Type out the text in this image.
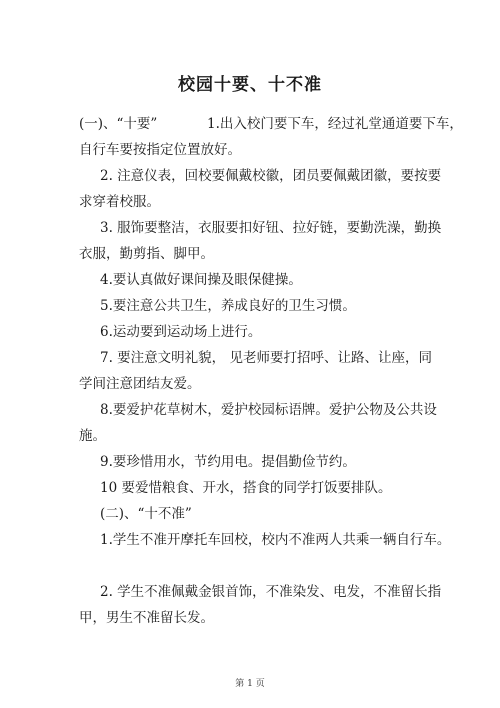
校园十要、十不准
(一)、“十要”	1.出入校门要下车，经过礼堂通道要下车，
自行车要按指定位置放好。
2. 注意仪表，回校要佩戴校徽，团员要佩戴团徽，要按要
求穿着校服。
3. 服饰要整洁，衣服要扣好钮、拉好链，要勤洗澡，勤换
衣服，勤剪指、脚甲。
4.要认真做好课间操及眼保健操。
5.要注意公共卫生，养成良好的卫生习惯。
6.运动要到运动场上进行。
7. 要注意文明礼貌， 见老师要打招呼、让路、让座，同
学间注意团结友爱。
8.要爱护花草树木，爱护校园标语牌。爱护公物及公共设
施。
9.要珍惜用水，节约用电。提倡勤俭节约。
10 要爱惜粮食、开水，搭食的同学打饭要排队。
(二)、“十不准”
1.学生不准开摩托车回校，校内不准两人共乘一辆自行车。
2. 学生不准佩戴金银首饰，不准染发、电发，不准留长指
甲，男生不准留长发。
第 1 页
